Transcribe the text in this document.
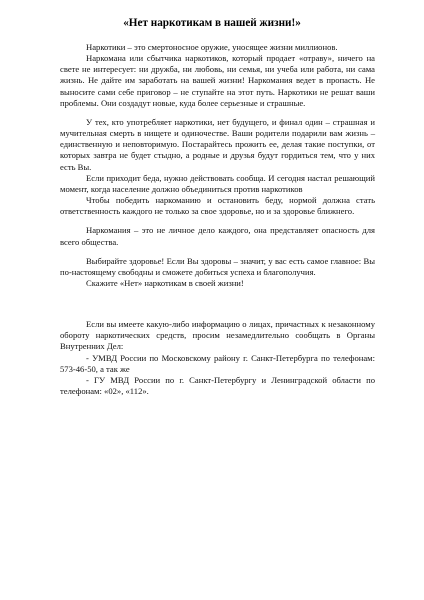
«Нет наркотикам в нашей жизни!»

Наркотики – это смертоносное оружие, уносящее жизни миллионов.

Наркомана или сбытчика наркотиков, который продает «отраву», ничего на свете не интересует: ни дружба, ни любовь, ни семья, ни учеба или работа, ни сама жизнь. Не дайте им заработать на вашей жизни! Наркомания ведет в пропасть. Не выносите сами себе приговор – не ступайте на этот путь. Наркотики не решат ваши проблемы. Они создадут новые, куда более серьезные и страшные.

У тех, кто употребляет наркотики, нет будущего, и финал один – страшная и мучительная смерть в нищете и одиночестве. Ваши родители подарили вам жизнь – единственную и неповторимую. Постарайтесь прожить ее, делая такие поступки, от которых завтра не будет стыдно, а родные и друзья будут гордиться тем, что у них есть Вы.

Если приходит беда, нужно действовать сообща. И сегодня настал решающий момент, когда население должно объединиться против наркотиков

Чтобы победить наркоманию и остановить беду, нормой должна стать ответственность каждого не только за свое здоровье, но и за здоровье ближнего.

Наркомания – это не личное дело каждого, она представляет опасность для всего общества.

Выбирайте здоровье! Если Вы здоровы – значит, у вас есть самое главное: Вы по-настоящему свободны и сможете добиться успеха и благополучия.

Скажите «Нет» наркотикам в своей жизни!

Если вы имеете какую-либо информацию о лицах, причастных к незаконному обороту наркотических средств, просим незамедлительно сообщать в Органы Внутренних Дел:

- УМВД России по Московскому району г. Санкт-Петербурга по телефонам: 573-46-50, а так же

- ГУ МВД России по г. Санкт-Петербургу и Ленинградской области по телефонам: «02», «112».
